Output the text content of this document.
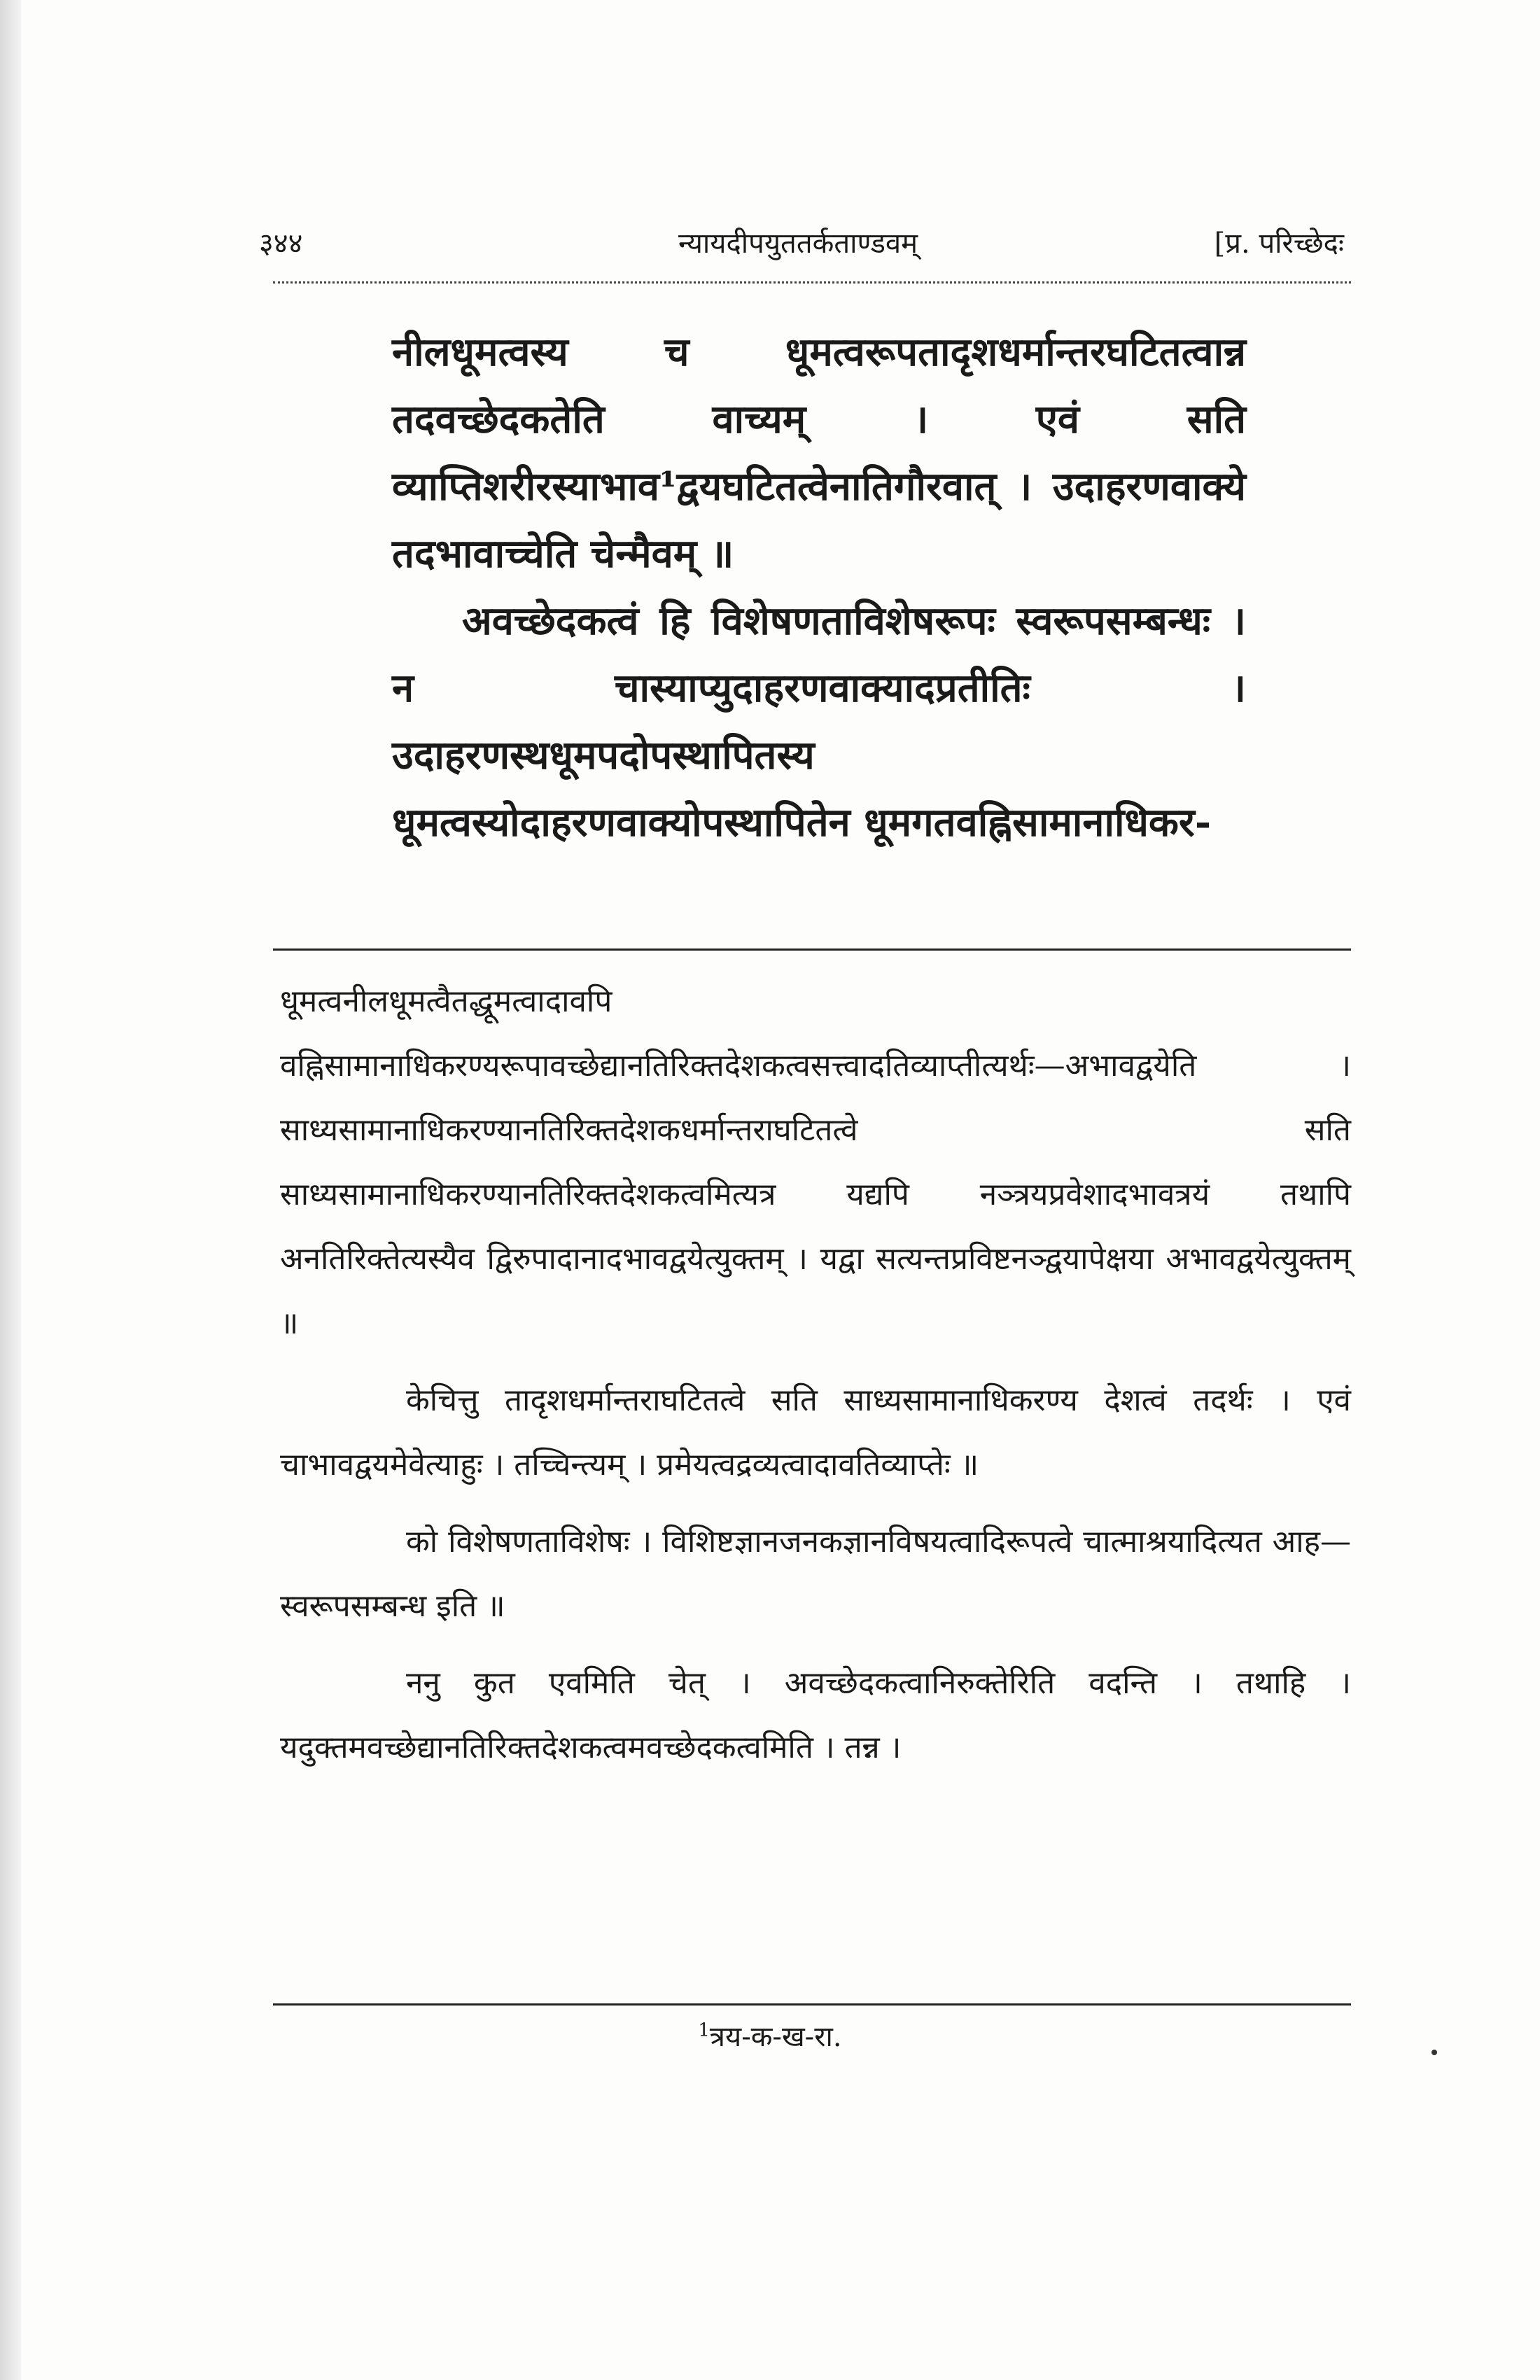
३४४	न्यायदीपयुततर्कताण्डवम्	[प्र. परिच्छेदः

नीलधूमत्वस्य च धूमत्वरूपतादृशधर्मान्तरघटितत्वान्न तदवच्छेदकतेति वाच्यम् । एवं सति व्याप्तिशरीरस्याभाव¹द्वयघटितत्वेनातिगौरवात् । उदाहरणवाक्ये तदभावाच्चेति चेन्मैवम् ॥

अवच्छेदकत्वं हि विशेषणताविशेषरूपः स्वरूपसम्बन्धः । न चास्याप्युदाहरणवाक्यादप्रतीतिः । उदाहरणस्थधूमपदोपस्थापितस्य धूमत्वस्योदाहरणवाक्योपस्थापितेन धूमगतवह्निसामानाधिकर-

धूमत्वनीलधूमत्वैतद्धूमत्वादावपि वह्निसामानाधिकरण्यरूपावच्छेद्यानतिरिक्तदेशकत्वसत्त्वादतिव्याप्तीत्यर्थः—अभावद्वयेति । साध्यसामानाधिकरण्यानतिरिक्तदेशकधर्मान्तराघटितत्वे सति साध्यसामानाधिकरण्यानतिरिक्तदेशकत्वमित्यत्र यद्यपि नञ्त्रयप्रवेशादभावत्रयं तथापि अनतिरिक्तेत्यस्यैव द्विरुपादानादभावद्वयेत्युक्तम् । यद्वा सत्यन्तप्रविष्टनञ्द्वयापेक्षया अभावद्वयेत्युक्तम् ॥

केचित्तु तादृशधर्मान्तराघटितत्वे सति साध्यसामानाधिकरण्य देशत्वं तदर्थः । एवं चाभावद्वयमेवेत्याहुः । तच्चिन्त्यम् । प्रमेयत्वद्रव्यत्वादावतिव्याप्तेः ॥

को विशेषणताविशेषः । विशिष्टज्ञानजनकज्ञानविषयत्वादिरूपत्वे चात्माश्रयादित्यत आह—स्वरूपसम्बन्ध इति ॥

ननु कुत एवमिति चेत् । अवच्छेदकत्वानिरुक्तेरिति वदन्ति । तथाहि । यदुक्तमवच्छेद्यानतिरिक्तदेशकत्वमवच्छेदकत्वमिति । तन्न ।

$^1$त्रय-क-ख-रा.
